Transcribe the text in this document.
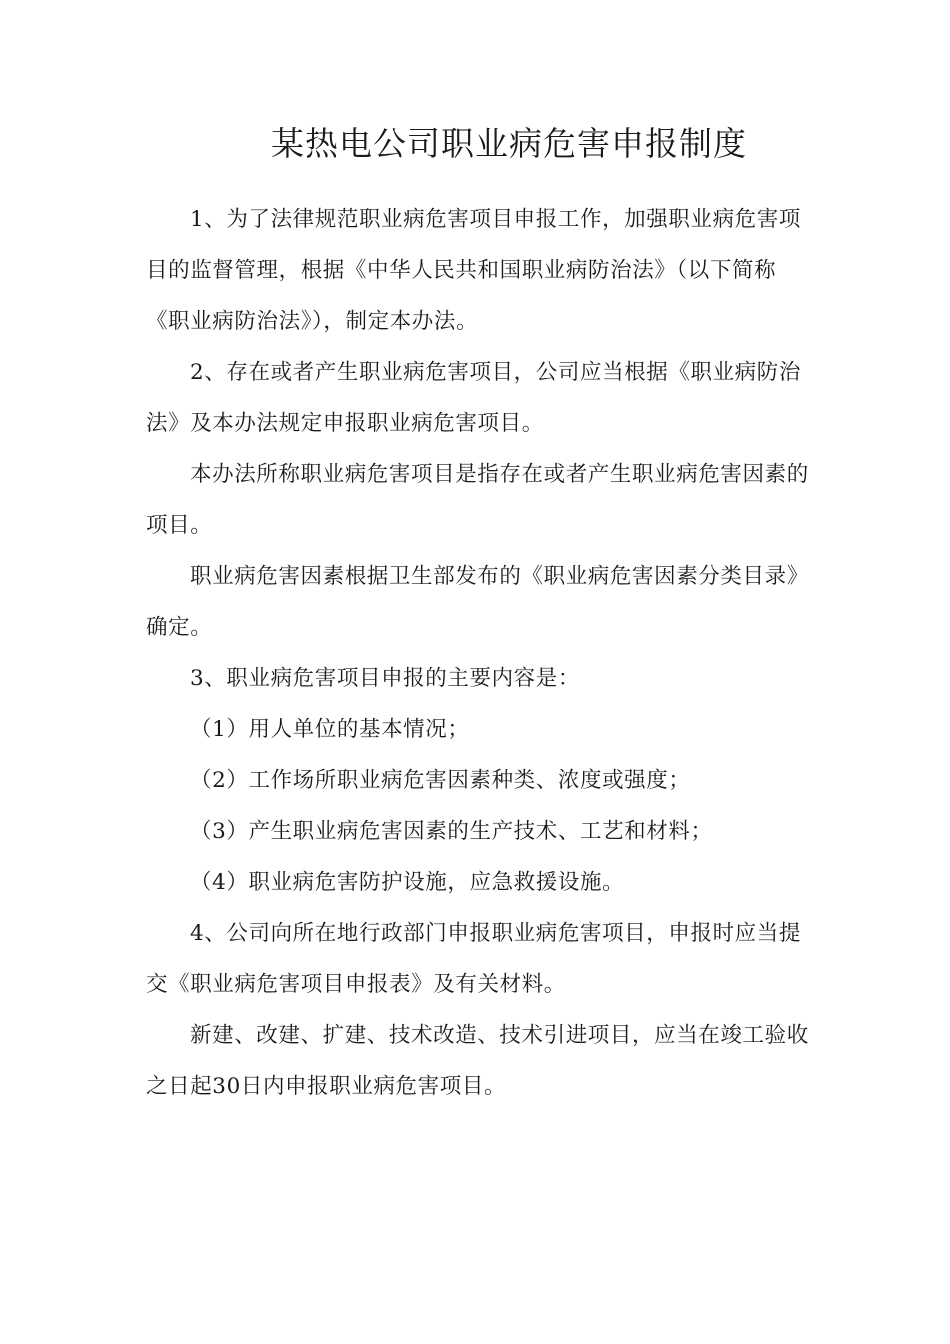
某热电公司职业病危害申报制度

1、为了法律规范职业病危害项目申报工作，加强职业病危害项目的监督管理，根据《中华人民共和国职业病防治法》（以下简称《职业病防治法》），制定本办法。

2、存在或者产生职业病危害项目，公司应当根据《职业病防治法》及本办法规定申报职业病危害项目。

本办法所称职业病危害项目是指存在或者产生职业病危害因素的项目。

职业病危害因素根据卫生部发布的《职业病危害因素分类目录》确定。

3、职业病危害项目申报的主要内容是：

（1）用人单位的基本情况；

（2）工作场所职业病危害因素种类、浓度或强度；

（3）产生职业病危害因素的生产技术、工艺和材料；

（4）职业病危害防护设施，应急救援设施。

4、公司向所在地行政部门申报职业病危害项目，申报时应当提交《职业病危害项目申报表》及有关材料。

新建、改建、扩建、技术改造、技术引进项目，应当在竣工验收之日起30日内申报职业病危害项目。
